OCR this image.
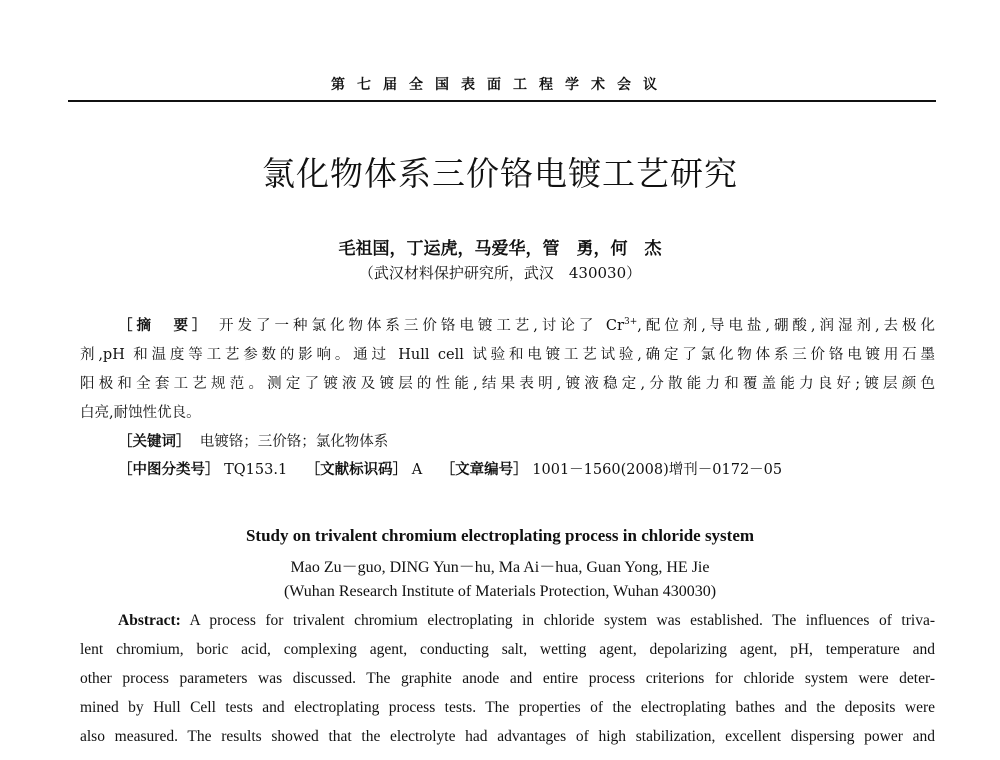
第七届全国表面工程学术会议
氯化物体系三价铬电镀工艺研究
毛祖国，丁运虎，马爱华，管　勇，何　杰
（武汉材料保护研究所，武汉　430030）
［摘　要］ 开发了一种氯化物体系三价铬电镀工艺,讨论了 $Cr^{3+}$,配位剂,导电盐,硼酸,润湿剂,去极化
剂,pH 和温度等工艺参数的影响。通过 Hull cell 试验和电镀工艺试验,确定了氯化物体系三价铬电镀用石墨
阳极和全套工艺规范。测定了镀液及镀层的性能,结果表明,镀液稳定,分散能力和覆盖能力良好;镀层颜色
白亮,耐蚀性优良。
［关键词］ 电镀铬；三价铬；氯化物体系
［中图分类号］ TQ153.1 ［文献标识码］ A ［文章编号］ 1001－1560(2008)增刊－0172－05
Study on trivalent chromium electroplating process in chloride system
Mao Zu－guo, DING Yun－hu, Ma Ai－hua, Guan Yong, HE Jie
(Wuhan Research Institute of Materials Protection, Wuhan 430030)
Abstract: A process for trivalent chromium electroplating in chloride system was established. The influences of triva-
lent chromium, boric acid, complexing agent, conducting salt, wetting agent, depolarizing agent, pH, temperature and
other process parameters was discussed. The graphite anode and entire process criterions for chloride system were deter-
mined by Hull Cell tests and electroplating process tests. The properties of the electroplating bathes and the deposits were
also measured. The results showed that the electrolyte had advantages of high stabilization, excellent dispersing power and
